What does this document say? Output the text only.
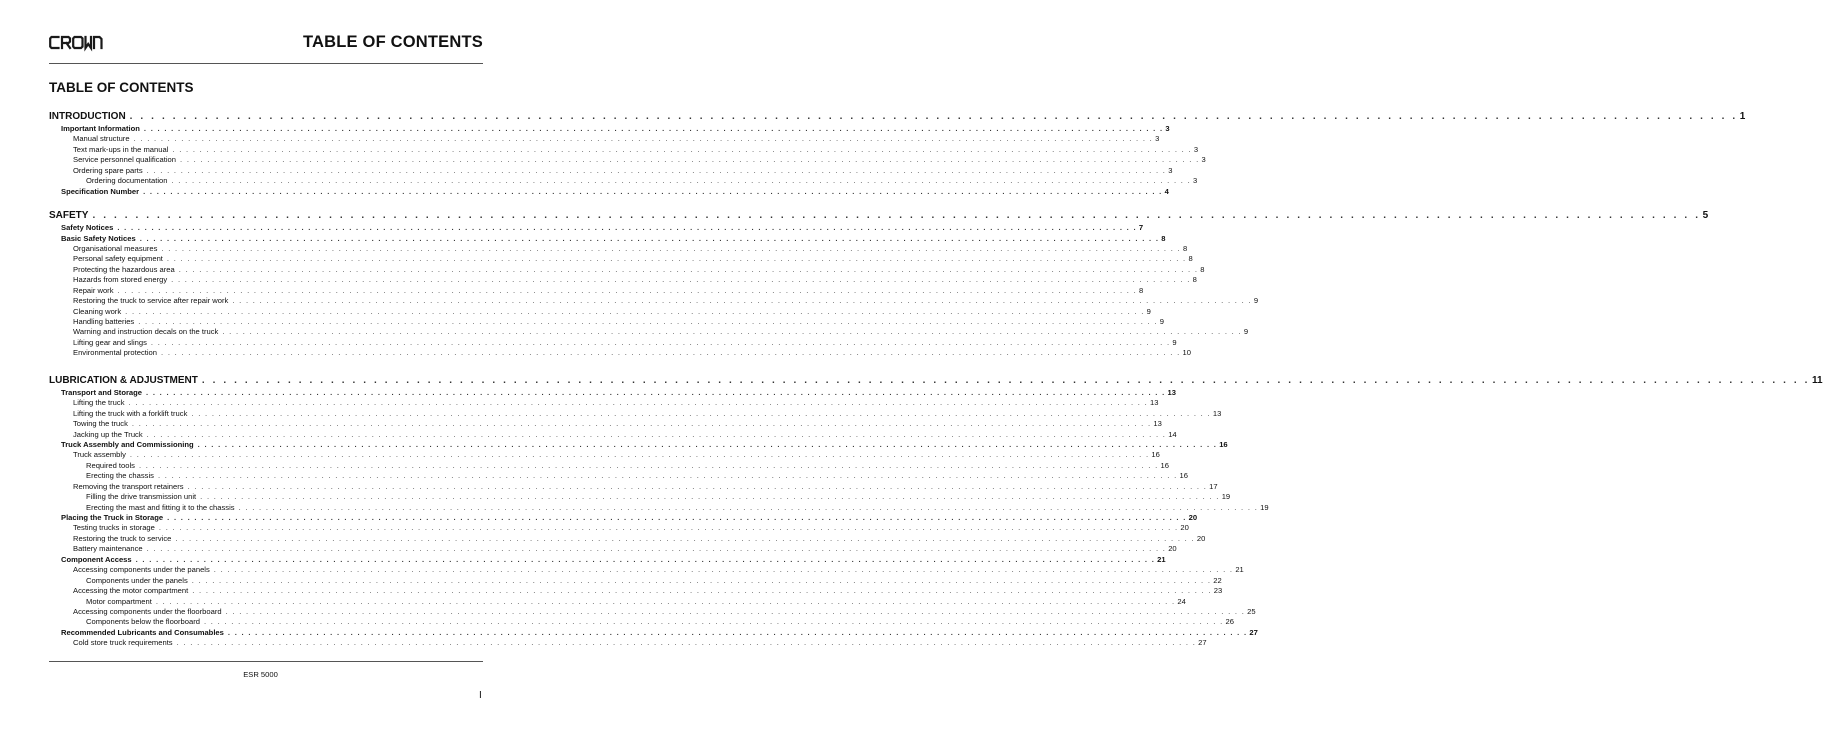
TABLE OF CONTENTS
TABLE OF CONTENTS
INTRODUCTION . . . . . . . . . . . . . . . . . . . . . . . . . . . . . . . . . . . . . . . . . . . . . . . . . . . . . . . . . . . . . . . . . . . . . . . . . . . . . . . . . . . . . . . . . . . . . . . . . . . . . . . . . . . . . . . . . . . . . . . . . . . . . . . . . . . . . . . . . . . . . . . . . . . . . . 1
Important Information . . . . . . . . . . . . . . . . . . . . . . . . . . . . . . . . . . . . . . . . . . . . . . . . . . . . . . . . . . . . . . . . . . . . . . . . . . . . . . . . . . . . . . . . . . . . . . . . . . . . . . . . . . . . . . . . . . . . . . . . . . . . . . . . . . . . . . . . . . . . . . . . . . . . . . 3
Manual structure . . . . . . . . . . . . . . . . . . . . . . . . . . . . . . . . . . . . . . . . . . . . . . . . . . . . . . . . . . . . . . . . . . . . . . . . . . . . . . . . . . . . . . . . . . . . . . . . . . . . . . . . . . . . . . . . . . . . . . . . . . . . . . . . . . . . . . . . . . . . . . . . . . . . . . 3
Text mark-ups in the manual . . . . . . . . . . . . . . . . . . . . . . . . . . . . . . . . . . . . . . . . . . . . . . . . . . . . . . . . . . . . . . . . . . . . . . . . . . . . . . . . . . . . . . . . . . . . . . . . . . . . . . . . . . . . . . . . . . . . . . . . . . . . . . . . . . . . . . . . . . . . . . . . . . . . . . 3
Service personnel qualification . . . . . . . . . . . . . . . . . . . . . . . . . . . . . . . . . . . . . . . . . . . . . . . . . . . . . . . . . . . . . . . . . . . . . . . . . . . . . . . . . . . . . . . . . . . . . . . . . . . . . . . . . . . . . . . . . . . . . . . . . . . . . . . . . . . . . . . . . . . . . . . . . . . . . . 3
Ordering spare parts . . . . . . . . . . . . . . . . . . . . . . . . . . . . . . . . . . . . . . . . . . . . . . . . . . . . . . . . . . . . . . . . . . . . . . . . . . . . . . . . . . . . . . . . . . . . . . . . . . . . . . . . . . . . . . . . . . . . . . . . . . . . . . . . . . . . . . . . . . . . . . . . . . . . . . 3
Ordering documentation . . . . . . . . . . . . . . . . . . . . . . . . . . . . . . . . . . . . . . . . . . . . . . . . . . . . . . . . . . . . . . . . . . . . . . . . . . . . . . . . . . . . . . . . . . . . . . . . . . . . . . . . . . . . . . . . . . . . . . . . . . . . . . . . . . . . . . . . . . . . . . . . . . . . . . 3
Specification Number . . . . . . . . . . . . . . . . . . . . . . . . . . . . . . . . . . . . . . . . . . . . . . . . . . . . . . . . . . . . . . . . . . . . . . . . . . . . . . . . . . . . . . . . . . . . . . . . . . . . . . . . . . . . . . . . . . . . . . . . . . . . . . . . . . . . . . . . . . . . . . . . . . . . . . 4
SAFETY . . . . . . . . . . . . . . . . . . . . . . . . . . . . . . . . . . . . . . . . . . . . . . . . . . . . . . . . . . . . . . . . . . . . . . . . . . . . . . . . . . . . . . . . . . . . . . . . . . . . . . . . . . . . . . . . . . . . . . . . . . . . . . . . . . . . . . . . . . . . . . . . . . . . . . 5
Safety Notices . . . . . . . . . . . . . . . . . . . . . . . . . . . . . . . . . . . . . . . . . . . . . . . . . . . . . . . . . . . . . . . . . . . . . . . . . . . . . . . . . . . . . . . . . . . . . . . . . . . . . . . . . . . . . . . . . . . . . . . . . . . . . . . . . . . . . . . . . . . . . . . . . . . . . . 7
Basic Safety Notices . . . . . . . . . . . . . . . . . . . . . . . . . . . . . . . . . . . . . . . . . . . . . . . . . . . . . . . . . . . . . . . . . . . . . . . . . . . . . . . . . . . . . . . . . . . . . . . . . . . . . . . . . . . . . . . . . . . . . . . . . . . . . . . . . . . . . . . . . . . . . . . . . . . . . . 8
Organisational measures . . . . . . . . . . . . . . . . . . . . . . . . . . . . . . . . . . . . . . . . . . . . . . . . . . . . . . . . . . . . . . . . . . . . . . . . . . . . . . . . . . . . . . . . . . . . . . . . . . . . . . . . . . . . . . . . . . . . . . . . . . . . . . . . . . . . . . . . . . . . . . . . . . . . . . 8
Personal safety equipment . . . . . . . . . . . . . . . . . . . . . . . . . . . . . . . . . . . . . . . . . . . . . . . . . . . . . . . . . . . . . . . . . . . . . . . . . . . . . . . . . . . . . . . . . . . . . . . . . . . . . . . . . . . . . . . . . . . . . . . . . . . . . . . . . . . . . . . . . . . . . . . . . . . . . . 8
Protecting the hazardous area . . . . . . . . . . . . . . . . . . . . . . . . . . . . . . . . . . . . . . . . . . . . . . . . . . . . . . . . . . . . . . . . . . . . . . . . . . . . . . . . . . . . . . . . . . . . . . . . . . . . . . . . . . . . . . . . . . . . . . . . . . . . . . . . . . . . . . . . . . . . . . . . . . . . . . 8
Hazards from stored energy . . . . . . . . . . . . . . . . . . . . . . . . . . . . . . . . . . . . . . . . . . . . . . . . . . . . . . . . . . . . . . . . . . . . . . . . . . . . . . . . . . . . . . . . . . . . . . . . . . . . . . . . . . . . . . . . . . . . . . . . . . . . . . . . . . . . . . . . . . . . . . . . . . . . . . 8
Repair work . . . . . . . . . . . . . . . . . . . . . . . . . . . . . . . . . . . . . . . . . . . . . . . . . . . . . . . . . . . . . . . . . . . . . . . . . . . . . . . . . . . . . . . . . . . . . . . . . . . . . . . . . . . . . . . . . . . . . . . . . . . . . . . . . . . . . . . . . . . . . . . . . . . . . . 8
Restoring the truck to service after repair work . . . . . . . . . . . . . . . . . . . . . . . . . . . . . . . . . . . . . . . . . . . . . . . . . . . . . . . . . . . . . . . . . . . . . . . . . . . . . . . . . . . . . . . . . . . . . . . . . . . . . . . . . . . . . . . . . . . . . . . . . . . . . . . . . . . . . . . . . . . . . . . . . . . . . . 9
Cleaning work . . . . . . . . . . . . . . . . . . . . . . . . . . . . . . . . . . . . . . . . . . . . . . . . . . . . . . . . . . . . . . . . . . . . . . . . . . . . . . . . . . . . . . . . . . . . . . . . . . . . . . . . . . . . . . . . . . . . . . . . . . . . . . . . . . . . . . . . . . . . . . . . . . . . . . 9
Handling batteries . . . . . . . . . . . . . . . . . . . . . . . . . . . . . . . . . . . . . . . . . . . . . . . . . . . . . . . . . . . . . . . . . . . . . . . . . . . . . . . . . . . . . . . . . . . . . . . . . . . . . . . . . . . . . . . . . . . . . . . . . . . . . . . . . . . . . . . . . . . . . . . . . . . . . . 9
Warning and instruction decals on the truck . . . . . . . . . . . . . . . . . . . . . . . . . . . . . . . . . . . . . . . . . . . . . . . . . . . . . . . . . . . . . . . . . . . . . . . . . . . . . . . . . . . . . . . . . . . . . . . . . . . . . . . . . . . . . . . . . . . . . . . . . . . . . . . . . . . . . . . . . . . . . . . . . . . . . . 9
Lifting gear and slings . . . . . . . . . . . . . . . . . . . . . . . . . . . . . . . . . . . . . . . . . . . . . . . . . . . . . . . . . . . . . . . . . . . . . . . . . . . . . . . . . . . . . . . . . . . . . . . . . . . . . . . . . . . . . . . . . . . . . . . . . . . . . . . . . . . . . . . . . . . . . . . . . . . . . . 9
Environmental protection . . . . . . . . . . . . . . . . . . . . . . . . . . . . . . . . . . . . . . . . . . . . . . . . . . . . . . . . . . . . . . . . . . . . . . . . . . . . . . . . . . . . . . . . . . . . . . . . . . . . . . . . . . . . . . . . . . . . . . . . . . . . . . . . . . . . . . . . . . . . . . . . . . . . . . 10
LUBRICATION & ADJUSTMENT . . . . . . . . . . . . . . . . . . . . . . . . . . . . . . . . . . . . . . . . . . . . . . . . . . . . . . . . . . . . . . . . . . . . . . . . . . . . . . . . . . . . . . . . . . . . . . . . . . . . . . . . . . . . . . . . . . . . . . . . . . . . . . . . . . . . . . . . . . . . . . . . . . . . . . 11
Transport and Storage . . . . . . . . . . . . . . . . . . . . . . . . . . . . . . . . . . . . . . . . . . . . . . . . . . . . . . . . . . . . . . . . . . . . . . . . . . . . . . . . . . . . . . . . . . . . . . . . . . . . . . . . . . . . . . . . . . . . . . . . . . . . . . . . . . . . . . . . . . . . . . . . . . . . . . 13
Lifting the truck . . . . . . . . . . . . . . . . . . . . . . . . . . . . . . . . . . . . . . . . . . . . . . . . . . . . . . . . . . . . . . . . . . . . . . . . . . . . . . . . . . . . . . . . . . . . . . . . . . . . . . . . . . . . . . . . . . . . . . . . . . . . . . . . . . . . . . . . . . . . . . . . . . . . . . 13
Lifting the truck with a forklift truck . . . . . . . . . . . . . . . . . . . . . . . . . . . . . . . . . . . . . . . . . . . . . . . . . . . . . . . . . . . . . . . . . . . . . . . . . . . . . . . . . . . . . . . . . . . . . . . . . . . . . . . . . . . . . . . . . . . . . . . . . . . . . . . . . . . . . . . . . . . . . . . . . . . . . . 13
Towing the truck . . . . . . . . . . . . . . . . . . . . . . . . . . . . . . . . . . . . . . . . . . . . . . . . . . . . . . . . . . . . . . . . . . . . . . . . . . . . . . . . . . . . . . . . . . . . . . . . . . . . . . . . . . . . . . . . . . . . . . . . . . . . . . . . . . . . . . . . . . . . . . . . . . . . . . 13
Jacking up the Truck . . . . . . . . . . . . . . . . . . . . . . . . . . . . . . . . . . . . . . . . . . . . . . . . . . . . . . . . . . . . . . . . . . . . . . . . . . . . . . . . . . . . . . . . . . . . . . . . . . . . . . . . . . . . . . . . . . . . . . . . . . . . . . . . . . . . . . . . . . . . . . . . . . . . . . 14
Truck Assembly and Commissioning . . . . . . . . . . . . . . . . . . . . . . . . . . . . . . . . . . . . . . . . . . . . . . . . . . . . . . . . . . . . . . . . . . . . . . . . . . . . . . . . . . . . . . . . . . . . . . . . . . . . . . . . . . . . . . . . . . . . . . . . . . . . . . . . . . . . . . . . . . . . . . . . . . . . . . 16
Truck assembly . . . . . . . . . . . . . . . . . . . . . . . . . . . . . . . . . . . . . . . . . . . . . . . . . . . . . . . . . . . . . . . . . . . . . . . . . . . . . . . . . . . . . . . . . . . . . . . . . . . . . . . . . . . . . . . . . . . . . . . . . . . . . . . . . . . . . . . . . . . . . . . . . . . . . . 16
Required tools . . . . . . . . . . . . . . . . . . . . . . . . . . . . . . . . . . . . . . . . . . . . . . . . . . . . . . . . . . . . . . . . . . . . . . . . . . . . . . . . . . . . . . . . . . . . . . . . . . . . . . . . . . . . . . . . . . . . . . . . . . . . . . . . . . . . . . . . . . . . . . . . . . . . . . 16
Erecting the chassis . . . . . . . . . . . . . . . . . . . . . . . . . . . . . . . . . . . . . . . . . . . . . . . . . . . . . . . . . . . . . . . . . . . . . . . . . . . . . . . . . . . . . . . . . . . . . . . . . . . . . . . . . . . . . . . . . . . . . . . . . . . . . . . . . . . . . . . . . . . . . . . . . . . . . . 16
Removing the transport retainers . . . . . . . . . . . . . . . . . . . . . . . . . . . . . . . . . . . . . . . . . . . . . . . . . . . . . . . . . . . . . . . . . . . . . . . . . . . . . . . . . . . . . . . . . . . . . . . . . . . . . . . . . . . . . . . . . . . . . . . . . . . . . . . . . . . . . . . . . . . . . . . . . . . . . . 17
Filling the drive transmission unit . . . . . . . . . . . . . . . . . . . . . . . . . . . . . . . . . . . . . . . . . . . . . . . . . . . . . . . . . . . . . . . . . . . . . . . . . . . . . . . . . . . . . . . . . . . . . . . . . . . . . . . . . . . . . . . . . . . . . . . . . . . . . . . . . . . . . . . . . . . . . . . . . . . . . . 19
Erecting the mast and fitting it to the chassis . . . . . . . . . . . . . . . . . . . . . . . . . . . . . . . . . . . . . . . . . . . . . . . . . . . . . . . . . . . . . . . . . . . . . . . . . . . . . . . . . . . . . . . . . . . . . . . . . . . . . . . . . . . . . . . . . . . . . . . . . . . . . . . . . . . . . . . . . . . . . . . . . . . . . . 19
Placing the Truck in Storage . . . . . . . . . . . . . . . . . . . . . . . . . . . . . . . . . . . . . . . . . . . . . . . . . . . . . . . . . . . . . . . . . . . . . . . . . . . . . . . . . . . . . . . . . . . . . . . . . . . . . . . . . . . . . . . . . . . . . . . . . . . . . . . . . . . . . . . . . . . . . . . . . . . . . . 20
Testing trucks in storage . . . . . . . . . . . . . . . . . . . . . . . . . . . . . . . . . . . . . . . . . . . . . . . . . . . . . . . . . . . . . . . . . . . . . . . . . . . . . . . . . . . . . . . . . . . . . . . . . . . . . . . . . . . . . . . . . . . . . . . . . . . . . . . . . . . . . . . . . . . . . . . . . . . . . . 20
Restoring the truck to service . . . . . . . . . . . . . . . . . . . . . . . . . . . . . . . . . . . . . . . . . . . . . . . . . . . . . . . . . . . . . . . . . . . . . . . . . . . . . . . . . . . . . . . . . . . . . . . . . . . . . . . . . . . . . . . . . . . . . . . . . . . . . . . . . . . . . . . . . . . . . . . . . . . . . . 20
Battery maintenance . . . . . . . . . . . . . . . . . . . . . . . . . . . . . . . . . . . . . . . . . . . . . . . . . . . . . . . . . . . . . . . . . . . . . . . . . . . . . . . . . . . . . . . . . . . . . . . . . . . . . . . . . . . . . . . . . . . . . . . . . . . . . . . . . . . . . . . . . . . . . . . . . . . . . . 20
Component Access . . . . . . . . . . . . . . . . . . . . . . . . . . . . . . . . . . . . . . . . . . . . . . . . . . . . . . . . . . . . . . . . . . . . . . . . . . . . . . . . . . . . . . . . . . . . . . . . . . . . . . . . . . . . . . . . . . . . . . . . . . . . . . . . . . . . . . . . . . . . . . . . . . . . . . 21
Accessing components under the panels . . . . . . . . . . . . . . . . . . . . . . . . . . . . . . . . . . . . . . . . . . . . . . . . . . . . . . . . . . . . . . . . . . . . . . . . . . . . . . . . . . . . . . . . . . . . . . . . . . . . . . . . . . . . . . . . . . . . . . . . . . . . . . . . . . . . . . . . . . . . . . . . . . . . . . 21
Components under the panels . . . . . . . . . . . . . . . . . . . . . . . . . . . . . . . . . . . . . . . . . . . . . . . . . . . . . . . . . . . . . . . . . . . . . . . . . . . . . . . . . . . . . . . . . . . . . . . . . . . . . . . . . . . . . . . . . . . . . . . . . . . . . . . . . . . . . . . . . . . . . . . . . . . . . . 22
Accessing the motor compartment . . . . . . . . . . . . . . . . . . . . . . . . . . . . . . . . . . . . . . . . . . . . . . . . . . . . . . . . . . . . . . . . . . . . . . . . . . . . . . . . . . . . . . . . . . . . . . . . . . . . . . . . . . . . . . . . . . . . . . . . . . . . . . . . . . . . . . . . . . . . . . . . . . . . . . 23
Motor compartment . . . . . . . . . . . . . . . . . . . . . . . . . . . . . . . . . . . . . . . . . . . . . . . . . . . . . . . . . . . . . . . . . . . . . . . . . . . . . . . . . . . . . . . . . . . . . . . . . . . . . . . . . . . . . . . . . . . . . . . . . . . . . . . . . . . . . . . . . . . . . . . . . . . . . . 24
Accessing components under the floorboard . . . . . . . . . . . . . . . . . . . . . . . . . . . . . . . . . . . . . . . . . . . . . . . . . . . . . . . . . . . . . . . . . . . . . . . . . . . . . . . . . . . . . . . . . . . . . . . . . . . . . . . . . . . . . . . . . . . . . . . . . . . . . . . . . . . . . . . . . . . . . . . . . . . . . . 25
Components below the floorboard . . . . . . . . . . . . . . . . . . . . . . . . . . . . . . . . . . . . . . . . . . . . . . . . . . . . . . . . . . . . . . . . . . . . . . . . . . . . . . . . . . . . . . . . . . . . . . . . . . . . . . . . . . . . . . . . . . . . . . . . . . . . . . . . . . . . . . . . . . . . . . . . . . . . . . 26
Recommended Lubricants and Consumables . . . . . . . . . . . . . . . . . . . . . . . . . . . . . . . . . . . . . . . . . . . . . . . . . . . . . . . . . . . . . . . . . . . . . . . . . . . . . . . . . . . . . . . . . . . . . . . . . . . . . . . . . . . . . . . . . . . . . . . . . . . . . . . . . . . . . . . . . . . . . . . . . . . . . . 27
Cold store truck requirements . . . . . . . . . . . . . . . . . . . . . . . . . . . . . . . . . . . . . . . . . . . . . . . . . . . . . . . . . . . . . . . . . . . . . . . . . . . . . . . . . . . . . . . . . . . . . . . . . . . . . . . . . . . . . . . . . . . . . . . . . . . . . . . . . . . . . . . . . . . . . . . . . . . . . . 27
ESR 5000
I
